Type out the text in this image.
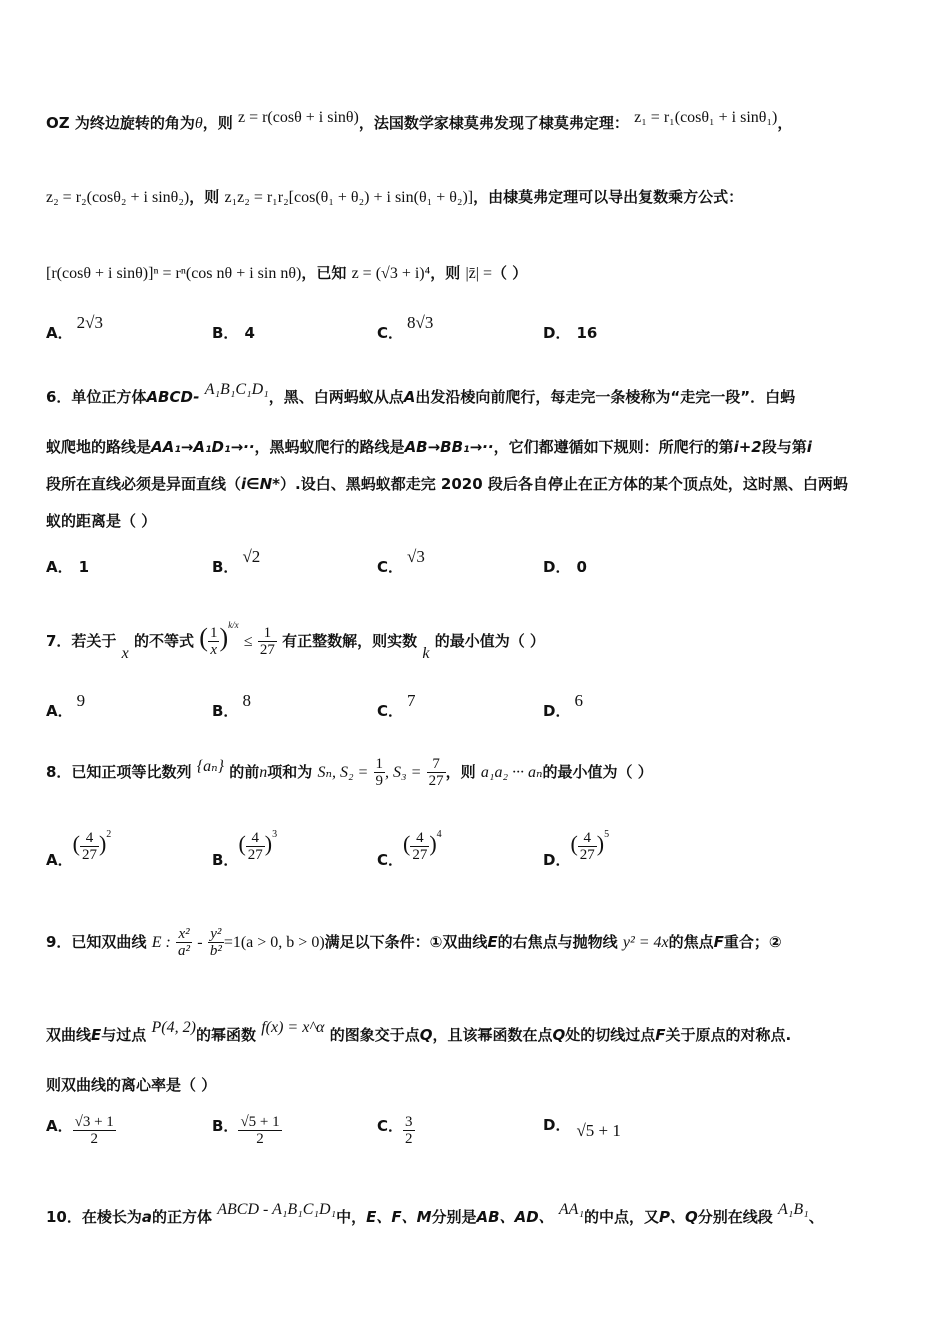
OZ 为终边旋转的角为θ，则 z = r(cosθ + i sinθ)，法国数学家棣莫弗发现了棣莫弗定理： z₁ = r₁(cosθ₁ + i sinθ₁)，
z₂ = r₂(cosθ₂ + i sinθ₂)，则 z₁z₂ = r₁r₂[cos(θ₁ + θ₂) + i sin(θ₁ + θ₂)]，由棣莫弗定理可以导出复数乘方公式：
[r(cosθ + i sinθ)]ⁿ = rⁿ(cos nθ + i sin nθ)，已知 z = (√3 + i)⁴，则 |z̄| =（ ）
A．2√3
B． 4	C．8√3
D． 16
6．单位正方体ABCD- A₁B₁C₁D₁，黑、白两蚂蚁从点A出发沿棱向前爬行，每走完一条棱称为“走完一段”．白蚂
蚁爬地的路线是AA₁→A₁D₁→··，黑蚂蚁爬行的路线是AB→BB₁→··，它们都遵循如下规则：所爬行的第i+2段与第i
段所在直线必须是异面直线（i∈N*）.设白、黑蚂蚁都走完 2020 段后各自停止在正方体的某个顶点处，这时黑、白两蚂
蚁的距离是（ ）
A． 1	B．√2
C．√3
D． 0
7．若关于 x 的不等式 ( $\frac{1}{x} )^{k/x} \le \frac{1}{27}$ 有正整数解，则实数 k 的最小值为（ ）
A．9
B．8
C．7
D．6
8．已知正项等比数列 {aₙ} 的前n项和为 Sₙ, $S_2 = \frac{1}{9}$ , $S_3 = \frac{7}{27}$ ，则 a₁a₂ ··· aₙ的最小值为（ ）
A．( $\frac{4}{27} )^2$
B．( $\frac{4}{27} )^3$
C．( $\frac{4}{27} )^4$
D．( $\frac{4}{27} )^5$
9．已知双曲线 E : $\frac{\text{x²}}{\text{a²}} - \frac{\text{y²}}{\text{b²}} =1(a > 0$, b > 0)满足以下条件：①双曲线E的右焦点与抛物线 y² = 4x的焦点F重合；②
双曲线E与过点 P(4, 2)的幂函数 f(x) = x^α 的图象交于点Q，且该幂函数在点Q处的切线过点F关于原点的对称点.
则双曲线的离心率是（ ）
A． $\frac{√3 + 1}{2}$	B． $\frac{√5 + 1}{2}$	C． $\frac{3}{2}$	D． √5 + 1
10．在棱长为a的正方体 ABCD - A₁B₁C₁D₁中，E、F、M分别是AB、AD、 AA₁的中点，又P、Q分别在线段 A₁B₁、
